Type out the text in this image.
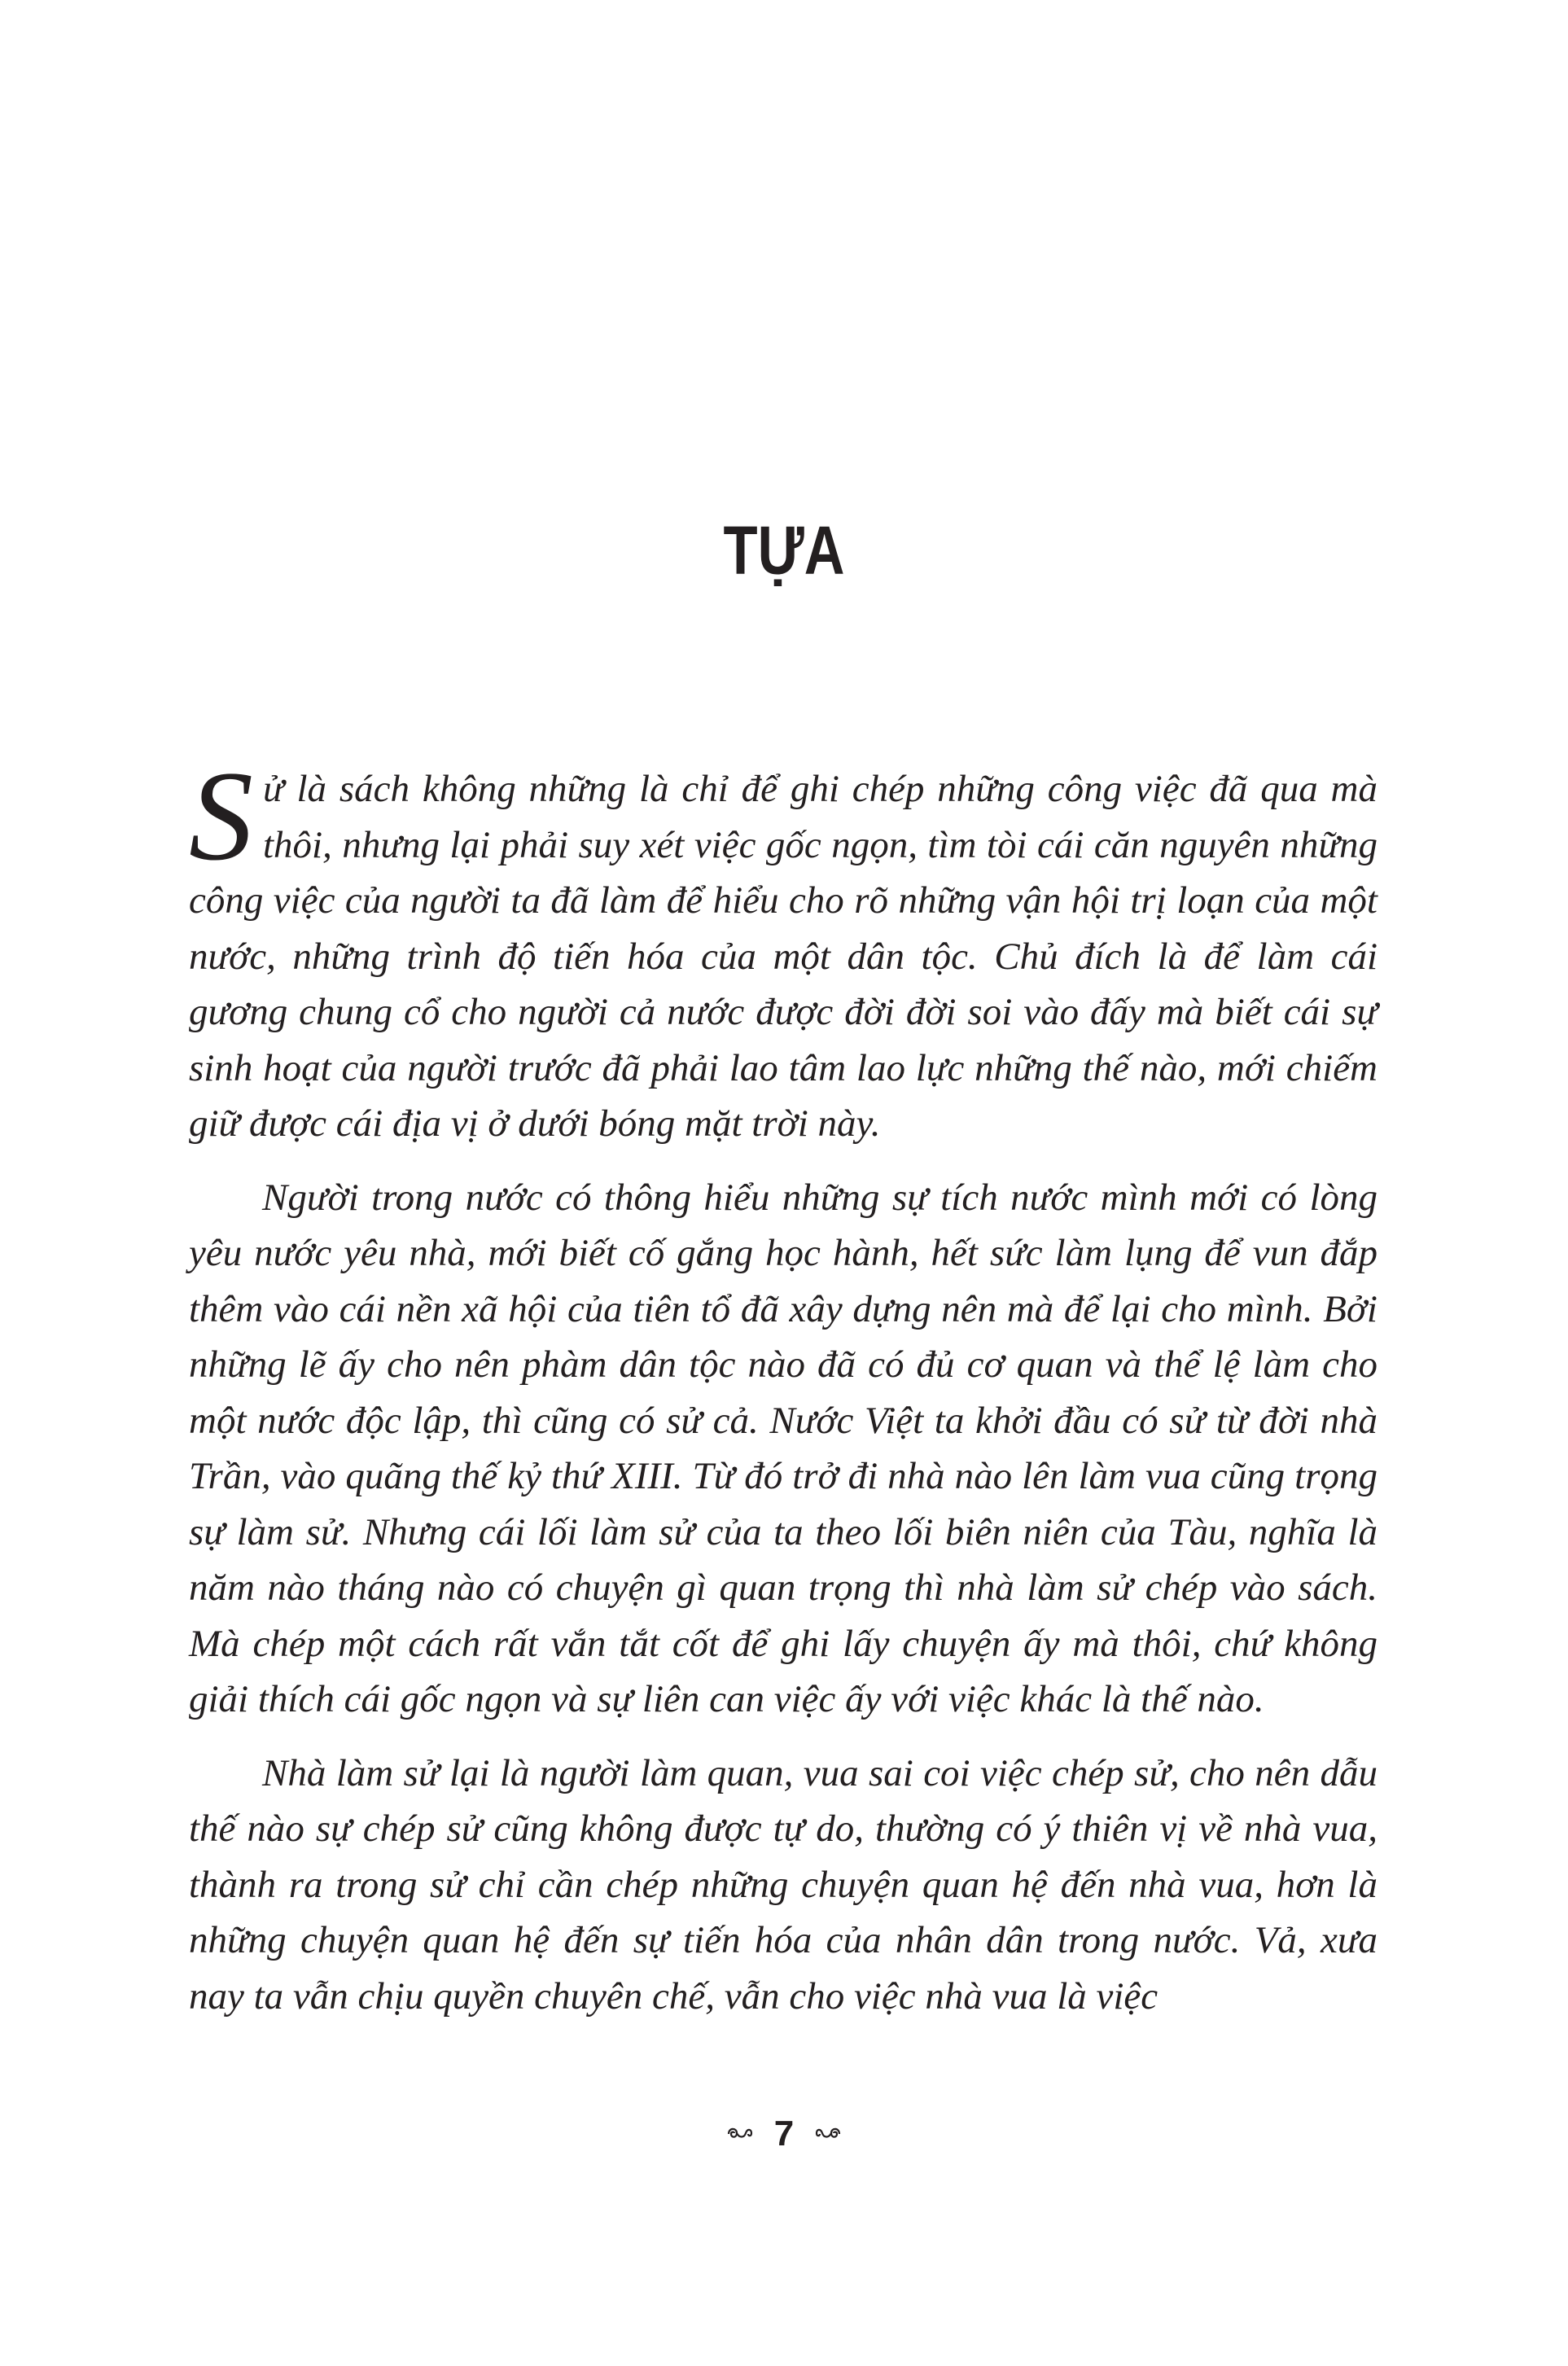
TỰA

Sử là sách không những là chỉ để ghi chép những công việc đã qua mà thôi, nhưng lại phải suy xét việc gốc ngọn, tìm tòi cái căn nguyên những công việc của người ta đã làm để hiểu cho rõ những vận hội trị loạn của một nước, những trình độ tiến hóa của một dân tộc. Chủ đích là để làm cái gương chung cổ cho người cả nước được đời đời soi vào đấy mà biết cái sự sinh hoạt của người trước đã phải lao tâm lao lực những thế nào, mới chiếm giữ được cái địa vị ở dưới bóng mặt trời này.

Người trong nước có thông hiểu những sự tích nước mình mới có lòng yêu nước yêu nhà, mới biết cố gắng học hành, hết sức làm lụng để vun đắp thêm vào cái nền xã hội của tiên tổ đã xây dựng nên mà để lại cho mình. Bởi những lẽ ấy cho nên phàm dân tộc nào đã có đủ cơ quan và thể lệ làm cho một nước độc lập, thì cũng có sử cả. Nước Việt ta khởi đầu có sử từ đời nhà Trần, vào quãng thế kỷ thứ XIII. Từ đó trở đi nhà nào lên làm vua cũng trọng sự làm sử. Nhưng cái lối làm sử của ta theo lối biên niên của Tàu, nghĩa là năm nào tháng nào có chuyện gì quan trọng thì nhà làm sử chép vào sách. Mà chép một cách rất vắn tắt cốt để ghi lấy chuyện ấy mà thôi, chứ không giải thích cái gốc ngọn và sự liên can việc ấy với việc khác là thế nào.

Nhà làm sử lại là người làm quan, vua sai coi việc chép sử, cho nên dẫu thế nào sự chép sử cũng không được tự do, thường có ý thiên vị về nhà vua, thành ra trong sử chỉ cần chép những chuyện quan hệ đến nhà vua, hơn là những chuyện quan hệ đến sự tiến hóa của nhân dân trong nước. Vả, xưa nay ta vẫn chịu quyền chuyên chế, vẫn cho việc nhà vua là việc

7
